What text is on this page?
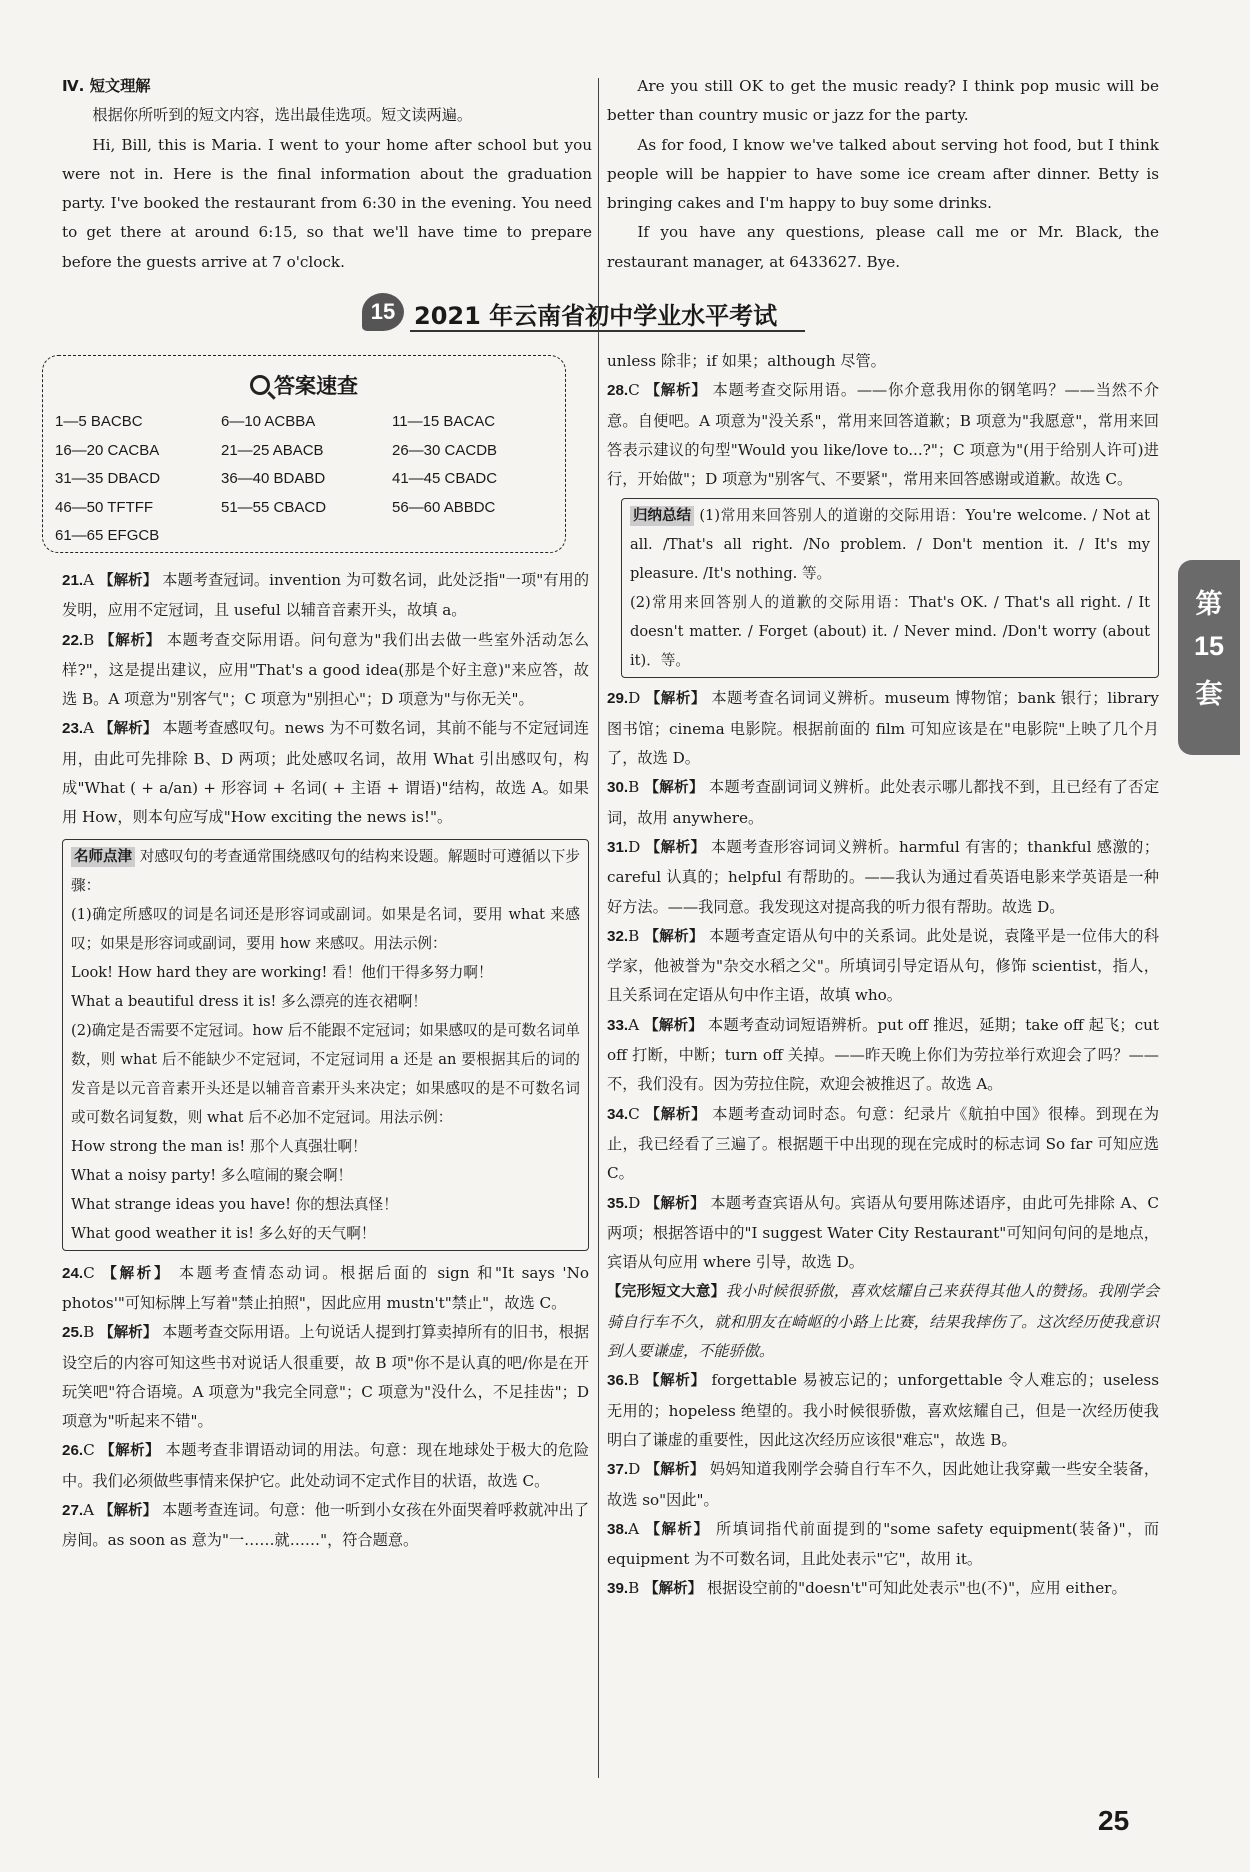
Ⅳ. 短文理解

根据你所听到的短文内容，选出最佳选项。短文读两遍。

Hi, Bill, this is Maria. I went to your home after school but you were not in. Here is the final information about the graduation party. I've booked the restaurant from 6:30 in the evening. You need to get there at around 6:15, so that we'll have time to prepare before the guests arrive at 7 o'clock.

Are you still OK to get the music ready? I think pop music will be better than country music or jazz for the party.

As for food, I know we've talked about serving hot food, but I think people will be happier to have some ice cream after dinner. Betty is bringing cakes and I'm happy to buy some drinks.

If you have any questions, please call me or Mr. Black, the restaurant manager, at 6433627. Bye.

15 2021 年云南省初中学业水平考试
答案速查
1—5 BACBC	6—10 ACBBA	11—15 BACAC
16—20 CACBA	21—25 ABACB	26—30 CACDB
31—35 DBACD	36—40 BDABD	41—45 CBADC
46—50 TFTFF	51—55 CBACD	56—60 ABBDC
61—65 EFGCB

21.A 【解析】 本题考查冠词。invention 为可数名词，此处泛指"一项"有用的发明，应用不定冠词，且 useful 以辅音音素开头，故填 a。

22.B 【解析】 本题考查交际用语。问句意为"我们出去做一些室外活动怎么样?"，这是提出建议，应用"That's a good idea(那是个好主意)"来应答，故选 B。A 项意为"别客气"；C 项意为"别担心"；D 项意为"与你无关"。

23.A 【解析】 本题考查感叹句。news 为不可数名词，其前不能与不定冠词连用，由此可先排除 B、D 两项；此处感叹名词，故用 What 引出感叹句，构成"What ( + a/an) + 形容词 + 名词( + 主语 + 谓语)"结构，故选 A。如果用 How，则本句应写成"How exciting the news is!"。

名师点津 对感叹句的考查通常围绕感叹句的结构来设题。解题时可遵循以下步骤：

(1)确定所感叹的词是名词还是形容词或副词。如果是名词，要用 what 来感叹；如果是形容词或副词，要用 how 来感叹。用法示例：

Look! How hard they are working! 看！他们干得多努力啊！

What a beautiful dress it is! 多么漂亮的连衣裙啊！

(2)确定是否需要不定冠词。how 后不能跟不定冠词；如果感叹的是可数名词单数，则 what 后不能缺少不定冠词，不定冠词用 a 还是 an 要根据其后的词的发音是以元音音素开头还是以辅音音素开头来决定；如果感叹的是不可数名词或可数名词复数，则 what 后不必加不定冠词。用法示例：

How strong the man is! 那个人真强壮啊！

What a noisy party! 多么喧闹的聚会啊！

What strange ideas you have! 你的想法真怪！

What good weather it is! 多么好的天气啊！

24.C 【解析】 本题考查情态动词。根据后面的 sign 和"It says 'No photos'"可知标牌上写着"禁止拍照"，因此应用 mustn't"禁止"，故选 C。

25.B 【解析】 本题考查交际用语。上句说话人提到打算卖掉所有的旧书，根据设空后的内容可知这些书对说话人很重要，故 B 项"你不是认真的吧/你是在开玩笑吧"符合语境。A 项意为"我完全同意"；C 项意为"没什么，不足挂齿"；D 项意为"听起来不错"。

26.C 【解析】 本题考查非谓语动词的用法。句意：现在地球处于极大的危险中。我们必须做些事情来保护它。此处动词不定式作目的状语，故选 C。

27.A 【解析】 本题考查连词。句意：他一听到小女孩在外面哭着呼救就冲出了房间。as soon as 意为"一……就……"，符合题意。

unless 除非；if 如果；although 尽管。

28.C 【解析】 本题考查交际用语。——你介意我用你的钢笔吗？——当然不介意。自便吧。A 项意为"没关系"，常用来回答道歉；B 项意为"我愿意"，常用来回答表示建议的句型"Would you like/love to...?"；C 项意为"(用于给别人许可)进行，开始做"；D 项意为"别客气、不要紧"，常用来回答感谢或道歉。故选 C。

归纳总结 (1)常用来回答别人的道谢的交际用语：You're welcome. / Not at all. /That's all right. /No problem. / Don't mention it. / It's my pleasure. /It's nothing. 等。

(2)常用来回答别人的道歉的交际用语：That's OK. / That's all right. / It doesn't matter. / Forget (about) it. / Never mind. /Don't worry (about it)．等。

29.D 【解析】 本题考查名词词义辨析。museum 博物馆；bank 银行；library 图书馆；cinema 电影院。根据前面的 film 可知应该是在"电影院"上映了几个月了，故选 D。

30.B 【解析】 本题考查副词词义辨析。此处表示哪儿都找不到，且已经有了否定词，故用 anywhere。

31.D 【解析】 本题考查形容词词义辨析。harmful 有害的；thankful 感激的；careful 认真的；helpful 有帮助的。——我认为通过看英语电影来学英语是一种好方法。——我同意。我发现这对提高我的听力很有帮助。故选 D。

32.B 【解析】 本题考查定语从句中的关系词。此处是说，袁隆平是一位伟大的科学家，他被誉为"杂交水稻之父"。所填词引导定语从句，修饰 scientist，指人，且关系词在定语从句中作主语，故填 who。

33.A 【解析】 本题考查动词短语辨析。put off 推迟，延期；take off 起飞；cut off 打断，中断；turn off 关掉。——昨天晚上你们为劳拉举行欢迎会了吗？——不，我们没有。因为劳拉住院，欢迎会被推迟了。故选 A。

34.C 【解析】 本题考查动词时态。句意：纪录片《航拍中国》很棒。到现在为止，我已经看了三遍了。根据题干中出现的现在完成时的标志词 So far 可知应选 C。

35.D 【解析】 本题考查宾语从句。宾语从句要用陈述语序，由此可先排除 A、C 两项；根据答语中的"I suggest Water City Restaurant"可知问句问的是地点，宾语从句应用 where 引导，故选 D。

【完形短文大意】我小时候很骄傲，喜欢炫耀自己来获得其他人的赞扬。我刚学会骑自行车不久，就和朋友在崎岖的小路上比赛，结果我摔伤了。这次经历使我意识到人要谦虚，不能骄傲。

36.B 【解析】 forgettable 易被忘记的；unforgettable 令人难忘的；useless 无用的；hopeless 绝望的。我小时候很骄傲，喜欢炫耀自己，但是一次经历使我明白了谦虚的重要性，因此这次经历应该很"难忘"，故选 B。

37.D 【解析】 妈妈知道我刚学会骑自行车不久，因此她让我穿戴一些安全装备，故选 so"因此"。

38.A 【解析】 所填词指代前面提到的"some safety equipment(装备)"，而 equipment 为不可数名词，且此处表示"它"，故用 it。

39.B 【解析】 根据设空前的"doesn't"可知此处表示"也(不)"，应用 either。

第
15
套
25
